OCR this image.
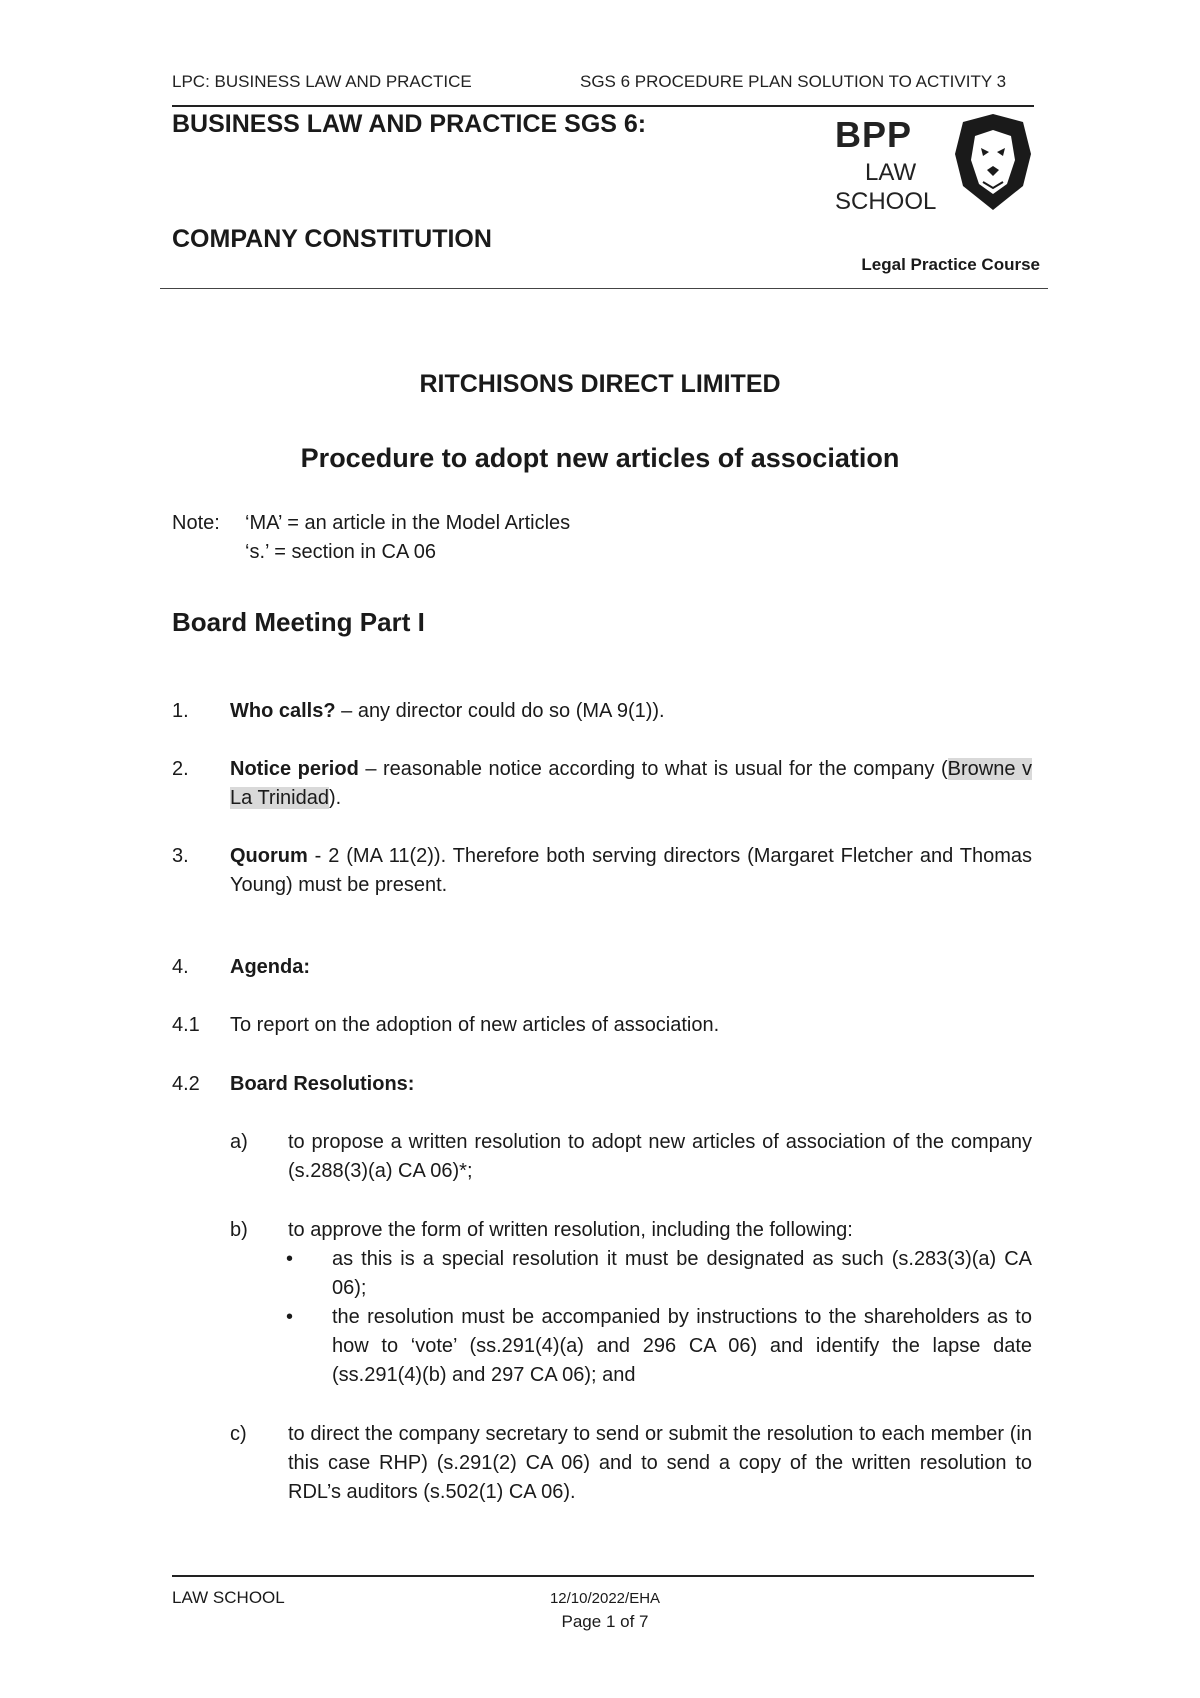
LPC: BUSINESS LAW AND PRACTICE	SGS 6 PROCEDURE PLAN SOLUTION TO ACTIVITY 3
BUSINESS LAW AND PRACTICE SGS 6:
COMPANY CONSTITUTION
BPP
LAW
SCHOOL
Legal Practice Course
RITCHISONS DIRECT LIMITED
Procedure to adopt new articles of association
Note: ‘MA’ = an article in the Model Articles
‘s.’ = section in CA 06
Board Meeting Part I
1. Who calls? – any director could do so (MA 9(1)).
2. Notice period – reasonable notice according to what is usual for the company (Browne v La Trinidad).
3. Quorum - 2 (MA 11(2)). Therefore both serving directors (Margaret Fletcher and Thomas Young) must be present.
4. Agenda:
4.1 To report on the adoption of new articles of association.
4.2 Board Resolutions:
a) to propose a written resolution to adopt new articles of association of the company (s.288(3)(a) CA 06)*;
b) to approve the form of written resolution, including the following:
• as this is a special resolution it must be designated as such (s.283(3)(a) CA 06);
• the resolution must be accompanied by instructions to the shareholders as to how to ‘vote’ (ss.291(4)(a) and 296 CA 06) and identify the lapse date (ss.291(4)(b) and 297 CA 06); and
c) to direct the company secretary to send or submit the resolution to each member (in this case RHP) (s.291(2) CA 06) and to send a copy of the written resolution to RDL’s auditors (s.502(1) CA 06).
LAW SCHOOL	12/10/2022/EHA
Page 1 of 7
